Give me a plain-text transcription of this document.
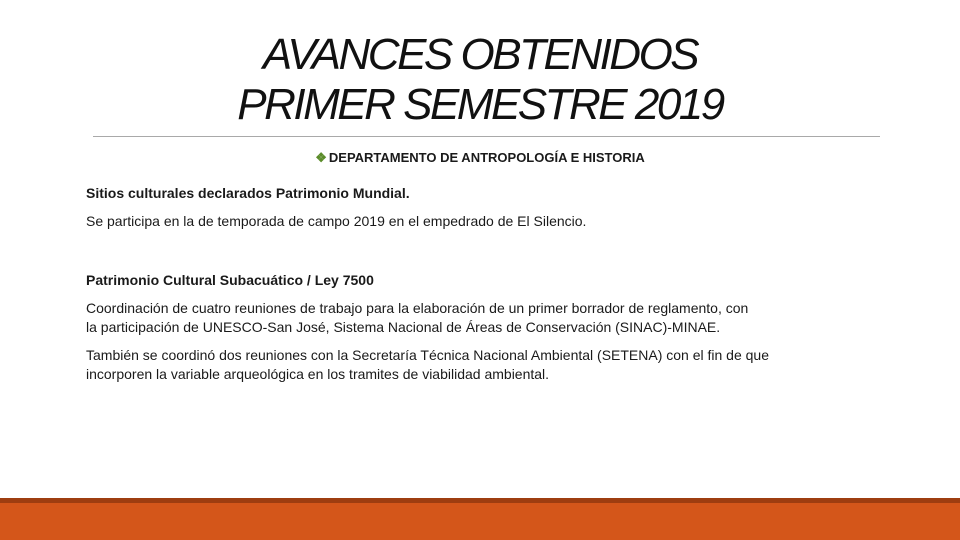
AVANCES OBTENIDOS
PRIMER SEMESTRE 2019
❖ DEPARTAMENTO DE ANTROPOLOGÍA E HISTORIA

Sitios culturales declarados Patrimonio Mundial.

Se participa en la de temporada de campo 2019 en el empedrado de El Silencio.

Patrimonio Cultural Subacuático / Ley 7500

Coordinación de cuatro reuniones de trabajo para la elaboración de un primer borrador de reglamento, con
la participación de UNESCO-San José, Sistema Nacional de Áreas de Conservación (SINAC)-MINAE.

También se coordinó dos reuniones con la Secretaría Técnica Nacional Ambiental (SETENA) con el fin de que
incorporen la variable arqueológica en los tramites de viabilidad ambiental.
